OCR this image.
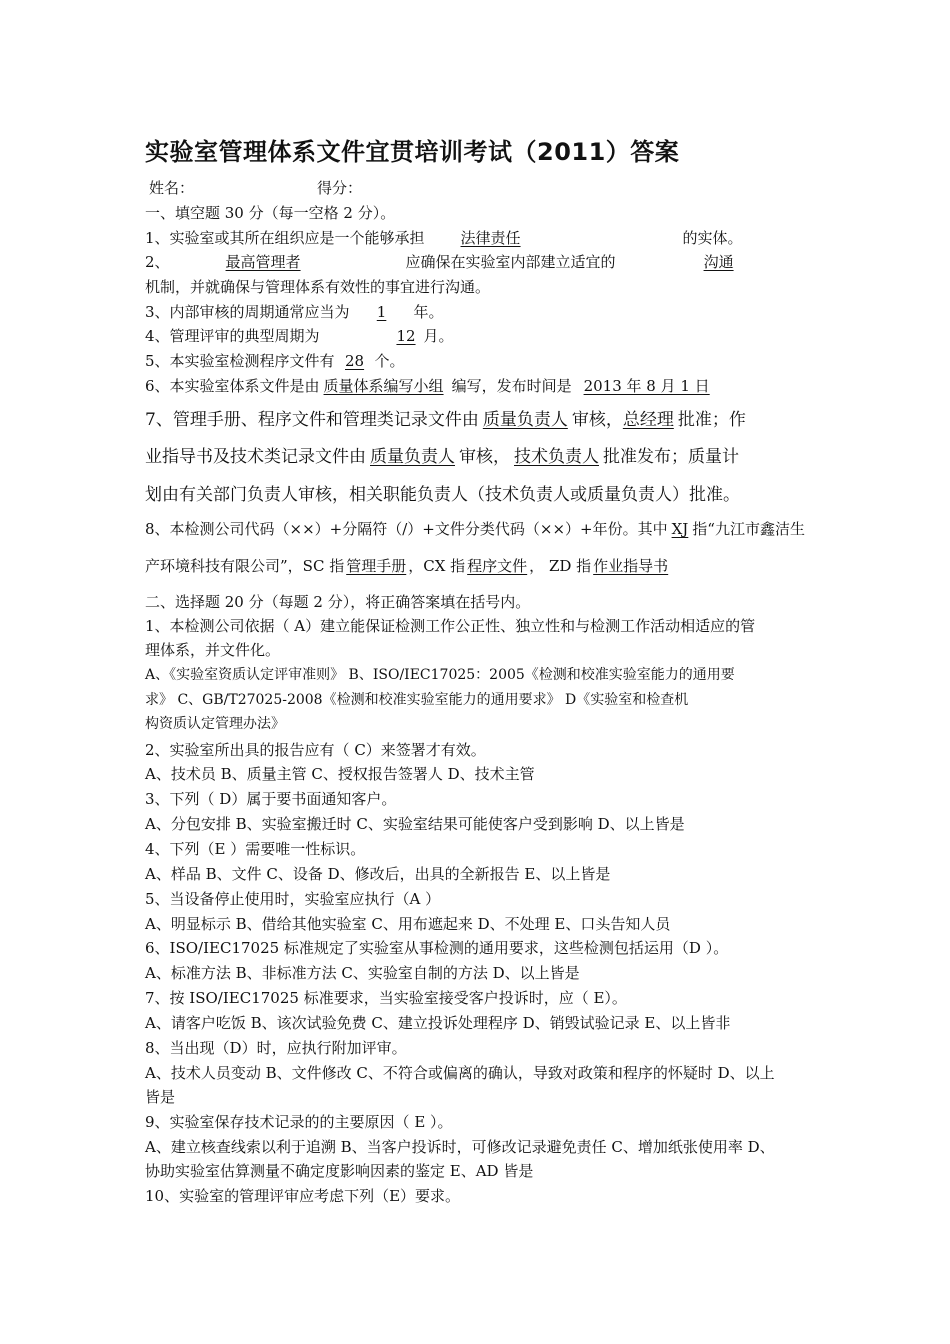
实验室管理体系文件宜贯培训考试（2011）答案
姓名：	得分：
一、填空题 30 分（每一空格 2 分）。
1、实验室或其所在组织应是一个能够承担 法律责任	的实体。
2、	最高管理者	应确保在实验室内部建立适宜的	沟通
机制，并就确保与管理体系有效性的事宜进行沟通。
3、内部审核的周期通常应当为 1 年。
4、管理评审的典型周期为	12 月。
5、本实验室检测程序文件有 28 个。
6、本实验室体系文件是由 质量体系编写小组 编写，发布时间是 2013 年 8 月 1 日
7、管理手册、程序文件和管理类记录文件由 质量负责人 审核，总经理 批准；作
业指导书及技术类记录文件由 质量负责人 审核， 技术负责人 批准发布；质量计
划由有关部门负责人审核，相关职能负责人（技术负责人或质量负责人）批准。
8、本检测公司代码（××）+分隔符（/）+文件分类代码（××）+年份。其中 XJ 指“九江市鑫洁生
产环境科技有限公司”，SC 指 管理手册 ，CX 指 程序文件 ， ZD 指 作业指导书
二、选择题 20 分（每题 2 分），将正确答案填在括号内。
1、本检测公司依据（ A）建立能保证检测工作公正性、独立性和与检测工作活动相适应的管
理体系，并文件化。
A、《实验室资质认定评审准则》 B、ISO/IEC17025：2005《检测和校准实验室能力的通用要
求》 C、GB/T27025-2008《检测和校准实验室能力的通用要求》 D《实验室和检查机
构资质认定管理办法》
2、实验室所出具的报告应有（ C）来签署才有效。
A、技术员 B、质量主管 C、授权报告签署人 D、技术主管
3、下列（ D）属于要书面通知客户。
A、分包安排 B、实验室搬迁时 C、实验室结果可能使客户受到影响 D、以上皆是
4、下列（E ）需要唯一性标识。
A、样品 B、文件 C、设备 D、修改后，出具的全新报告 E、以上皆是
5、当设备停止使用时，实验室应执行（A ）
A、明显标示 B、借给其他实验室 C、用布遮起来 D、不处理 E、口头告知人员
6、ISO/IEC17025 标准规定了实验室从事检测的通用要求，这些检测包括运用（D ）。
A、标准方法 B、非标准方法 C、实验室自制的方法 D、以上皆是
7、按 ISO/IEC17025 标准要求，当实验室接受客户投诉时，应（ E）。
A、请客户吃饭 B、该次试验免费 C、建立投诉处理程序 D、销毁试验记录 E、以上皆非
8、当出现（D）时，应执行附加评审。
A、技术人员变动 B、文件修改 C、不符合或偏离的确认，导致对政策和程序的怀疑时 D、以上
皆是
9、实验室保存技术记录的的主要原因（ E ）。
A、建立核查线索以利于追溯 B、当客户投诉时，可修改记录避免责任 C、增加纸张使用率 D、
协助实验室估算测量不确定度影响因素的鉴定 E、AD 皆是
10、实验室的管理评审应考虑下列（E）要求。
